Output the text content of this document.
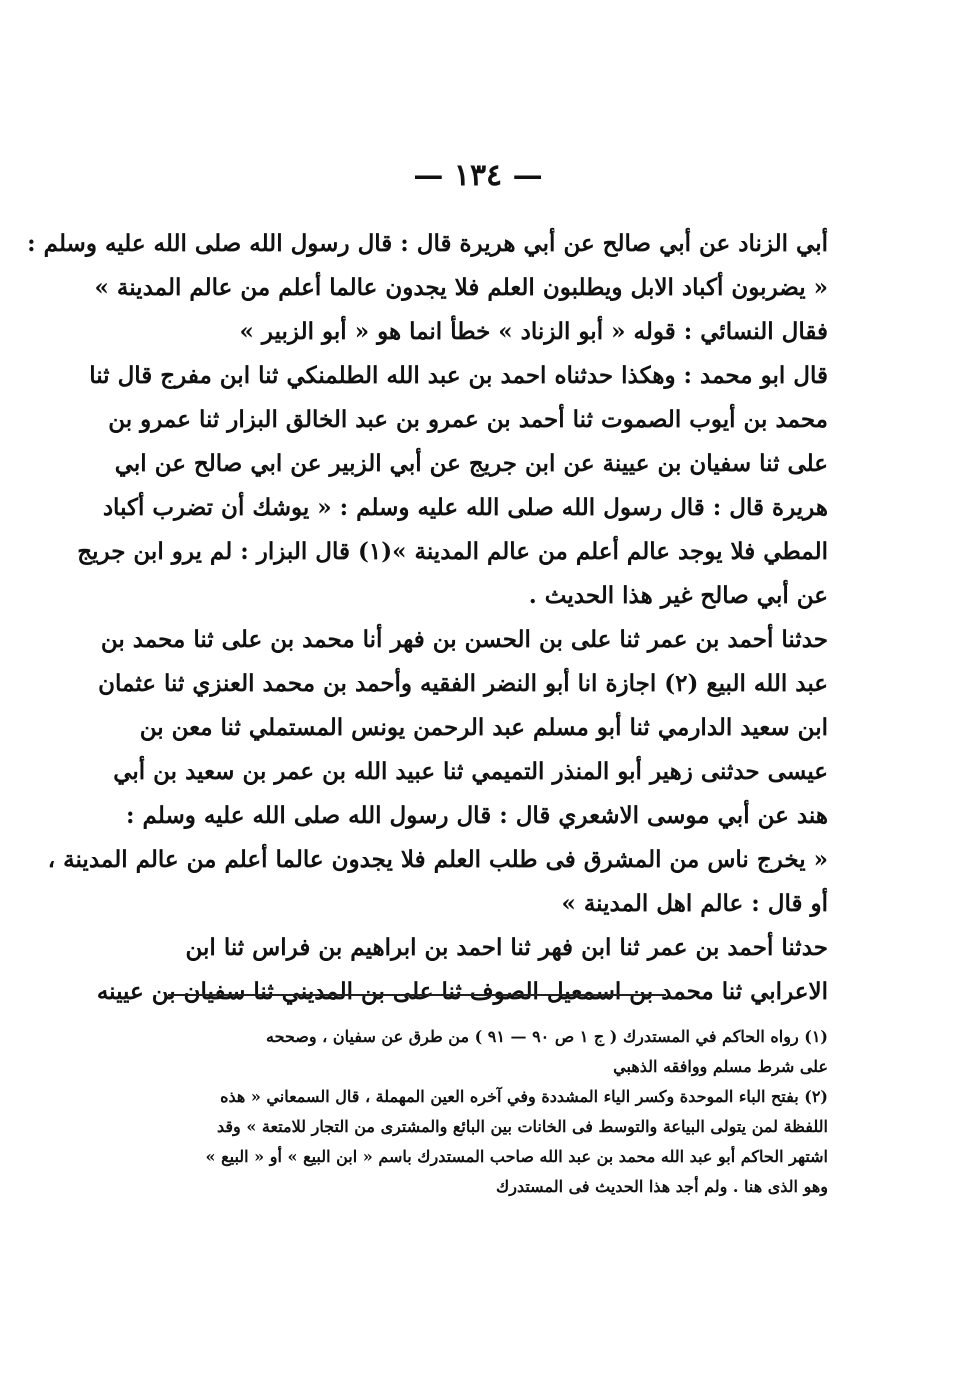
— ١٣٤ —
أبي الزناد عن أبي صالح عن أبي هريرة قال : قال رسول الله صلى الله عليه وسلم :
« يضربون أكباد الابل ويطلبون العلم فلا يجدون عالما أعلم من عالم المدينة »
فقال النسائي : قوله « أبو الزناد » خطأ انما هو « أبو الزبير »
قال ابو محمد : وهكذا حدثناه احمد بن عبد الله الطلمنكي ثنا ابن مفرج قال ثنا
محمد بن أيوب الصموت ثنا أحمد بن عمرو بن عبد الخالق البزار ثنا عمرو بن
على ثنا سفيان بن عيينة عن ابن جريج عن أبي الزبير عن ابي صالح عن ابي
هريرة قال : قال رسول الله صلى الله عليه وسلم : « يوشك أن تضرب أكباد
المطي فلا يوجد عالم أعلم من عالم المدينة »(١) قال البزار : لم يرو ابن جريج
عن أبي صالح غير هذا الحديث .
حدثنا أحمد بن عمر ثنا على بن الحسن بن فهر أنا محمد بن على ثنا محمد بن
عبد الله البيع (٢) اجازة انا أبو النضر الفقيه وأحمد بن محمد العنزي ثنا عثمان
ابن سعيد الدارمي ثنا أبو مسلم عبد الرحمن يونس المستملي ثنا معن بن
عيسى حدثنى زهير أبو المنذر التميمي ثنا عبيد الله بن عمر بن سعيد بن أبي
هند عن أبي موسى الاشعري قال : قال رسول الله صلى الله عليه وسلم :
« يخرج ناس من المشرق فى طلب العلم فلا يجدون عالما أعلم من عالم المدينة ،
أو قال : عالم اهل المدينة »
حدثنا أحمد بن عمر ثنا ابن فهر ثنا احمد بن ابراهيم بن فراس ثنا ابن
الاعرابي ثنا محمد بن اسمعيل الصوف ثنا على بن المديني ثنا سفيان بن عيينه
(١) رواه الحاكم في المستدرك ( ج ١ ص ٩٠ — ٩١ ) من طرق عن سفيان ، وصححه
على شرط مسلم ووافقه الذهبي
(٢) بفتح الباء الموحدة وكسر الياء المشددة وفي آخره العين المهملة ، قال السمعاني « هذه
اللفظة لمن يتولى البياعة والتوسط فى الخانات بين البائع والمشترى من التجار للامتعة » وقد
اشتهر الحاكم أبو عبد الله محمد بن عبد الله صاحب المستدرك باسم « ابن البيع » أو « البيع »
وهو الذى هنا . ولم أجد هذا الحديث فى المستدرك
